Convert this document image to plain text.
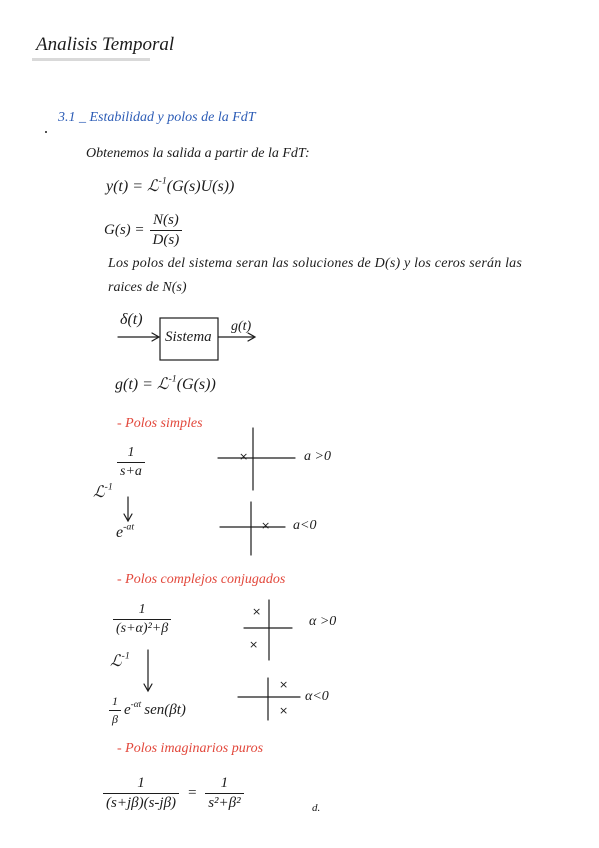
Analisis Temporal
3.1 _ Estabilidad y polos de la FdT
Obtenemos la salida a partir de la FdT:
y(t) = ℒ$^{-1}$(G(s)U(s))
$G(s) = \frac{N(s)}{D(s)}$
Los polos del sistema seran las soluciones de D(s) y los ceros serán las
raices de N(s)
δ(t)
Sistema
g(t)
g(t) = ℒ$^{-1}$(G(s))
- Polos simples
$\frac{1}{s+a}$
ℒ$^{-1}$
$e^{-at}$
×	a >0
× a<0
- Polos complejos conjugados
$\frac{1}{\text{(s+α)²+β}}$
ℒ$^{-1}$
$\frac{1}{\beta} e^{-\alpha t}$ sen(βt)
×
×
α >0
×
×
α<0
- Polos imaginarios puros
$\frac{1}{(s+j\beta)(s-j\beta)} = \frac{1}{\text{s²+β²}}$	d.
